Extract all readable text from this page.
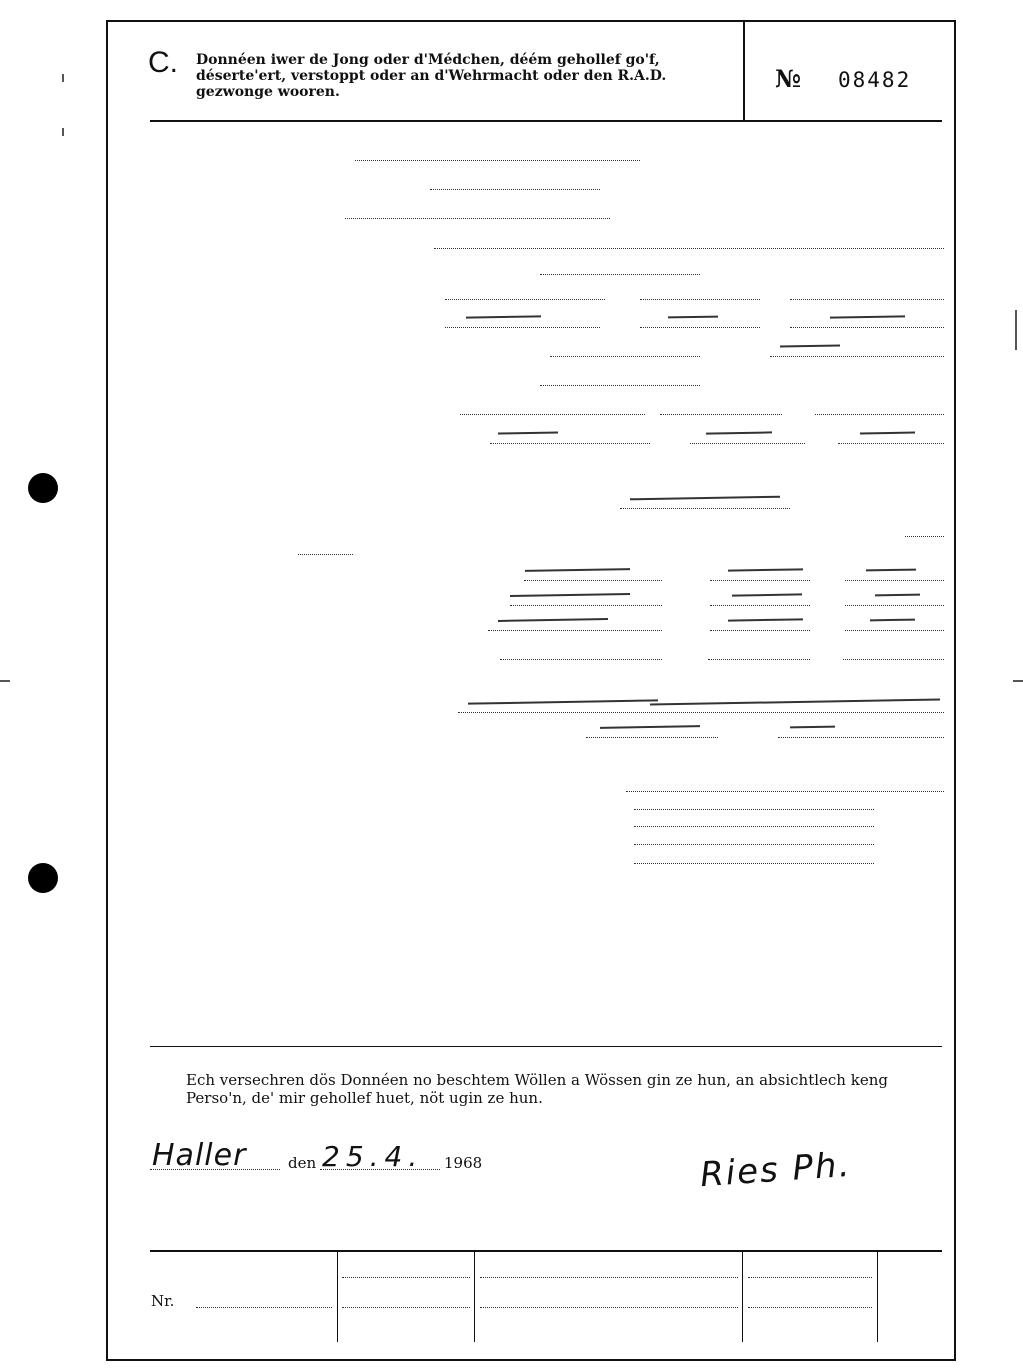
C. Donnéen iwer de Jong oder d'Médchen, déém gehollef go'f, déserte'ert, verstoppt oder an d'Wehrmacht oder den R.A.D. gezwonge wooren.	№ 08482
Ech versechren dös Donnéen no beschtem Wöllen a Wössen gin ze hun, an absichtlech keng Perso'n, de' mir gehollef huet, nöt ugin ze hun.
Haller	den 25.4. 1968	Ries Ph.
Nr.
